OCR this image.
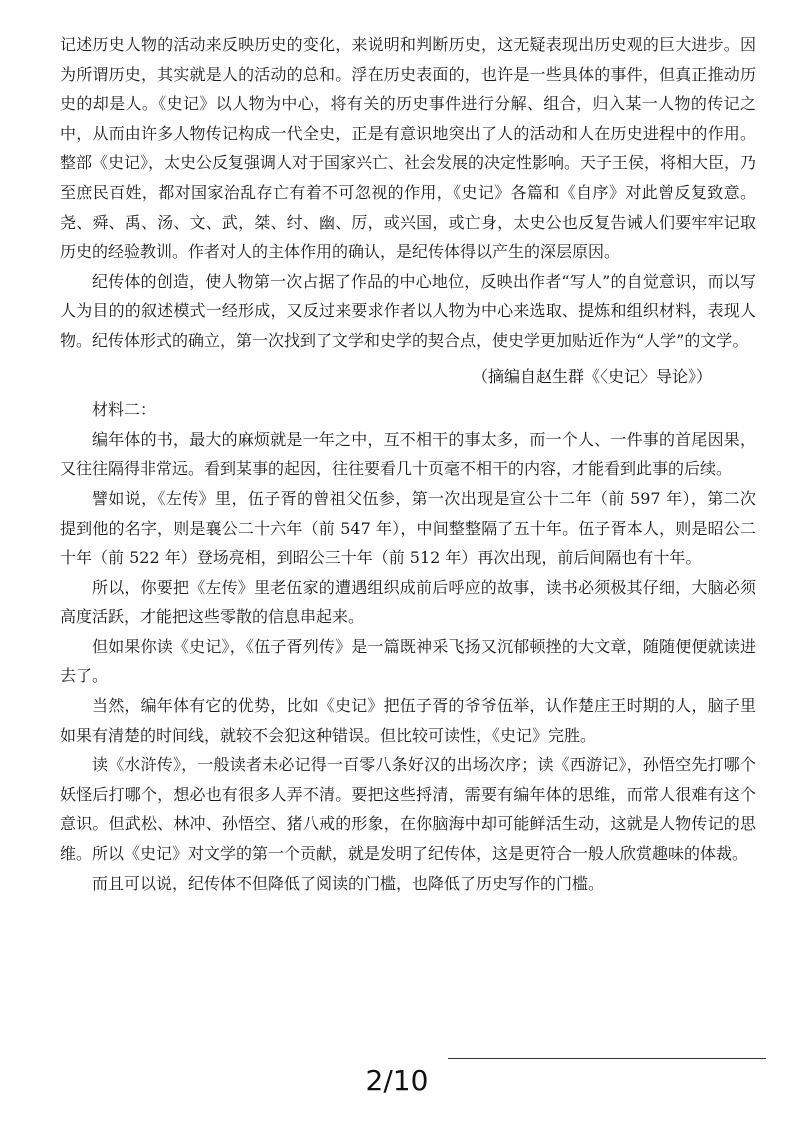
记述历史人物的活动来反映历史的变化，来说明和判断历史，这无疑表现出历史观的巨大进步。因为所谓历史，其实就是人的活动的总和。浮在历史表面的，也许是一些具体的事件，但真正推动历史的却是人。《史记》以人物为中心，将有关的历史事件进行分解、组合，归入某一人物的传记之中，从而由许多人物传记构成一代全史，正是有意识地突出了人的活动和人在历史进程中的作用。整部《史记》，太史公反复强调人对于国家兴亡、社会发展的决定性影响。天子王侯，将相大臣，乃至庶民百姓，都对国家治乱存亡有着不可忽视的作用，《史记》各篇和《自序》对此曾反复致意。尧、舜、禹、汤、文、武，桀、纣、幽、厉，或兴国，或亡身，太史公也反复告诫人们要牢牢记取历史的经验教训。作者对人的主体作用的确认，是纪传体得以产生的深层原因。

纪传体的创造，使人物第一次占据了作品的中心地位，反映出作者“写人”的自觉意识，而以写人为目的的叙述模式一经形成，又反过来要求作者以人物为中心来选取、提炼和组织材料，表现人物。纪传体形式的确立，第一次找到了文学和史学的契合点，使史学更加贴近作为“人学”的文学。

（摘编自赵生群《〈史记〉导论》）
材料二：

编年体的书，最大的麻烦就是一年之中，互不相干的事太多，而一个人、一件事的首尾因果，又往往隔得非常远。看到某事的起因，往往要看几十页毫不相干的内容，才能看到此事的后续。

譬如说，《左传》里，伍子胥的曾祖父伍参，第一次出现是宣公十二年（前 597 年），第二次提到他的名字，则是襄公二十六年（前 547 年），中间整整隔了五十年。伍子胥本人，则是昭公二十年（前 522 年）登场亮相，到昭公三十年（前 512 年）再次出现，前后间隔也有十年。

所以，你要把《左传》里老伍家的遭遇组织成前后呼应的故事，读书必须极其仔细，大脑必须高度活跃，才能把这些零散的信息串起来。

但如果你读《史记》，《伍子胥列传》是一篇既神采飞扬又沉郁顿挫的大文章，随随便便就读进去了。

当然，编年体有它的优势，比如《史记》把伍子胥的爷爷伍举，认作楚庄王时期的人，脑子里如果有清楚的时间线，就较不会犯这种错误。但比较可读性，《史记》完胜。

读《水浒传》，一般读者未必记得一百零八条好汉的出场次序；读《西游记》，孙悟空先打哪个妖怪后打哪个，想必也有很多人弄不清。要把这些捋清，需要有编年体的思维，而常人很难有这个意识。但武松、林冲、孙悟空、猪八戒的形象，在你脑海中却可能鲜活生动，这就是人物传记的思维。所以《史记》对文学的第一个贡献，就是发明了纪传体，这是更符合一般人欣赏趣味的体裁。

而且可以说，纪传体不但降低了阅读的门槛，也降低了历史写作的门槛。

2/10
